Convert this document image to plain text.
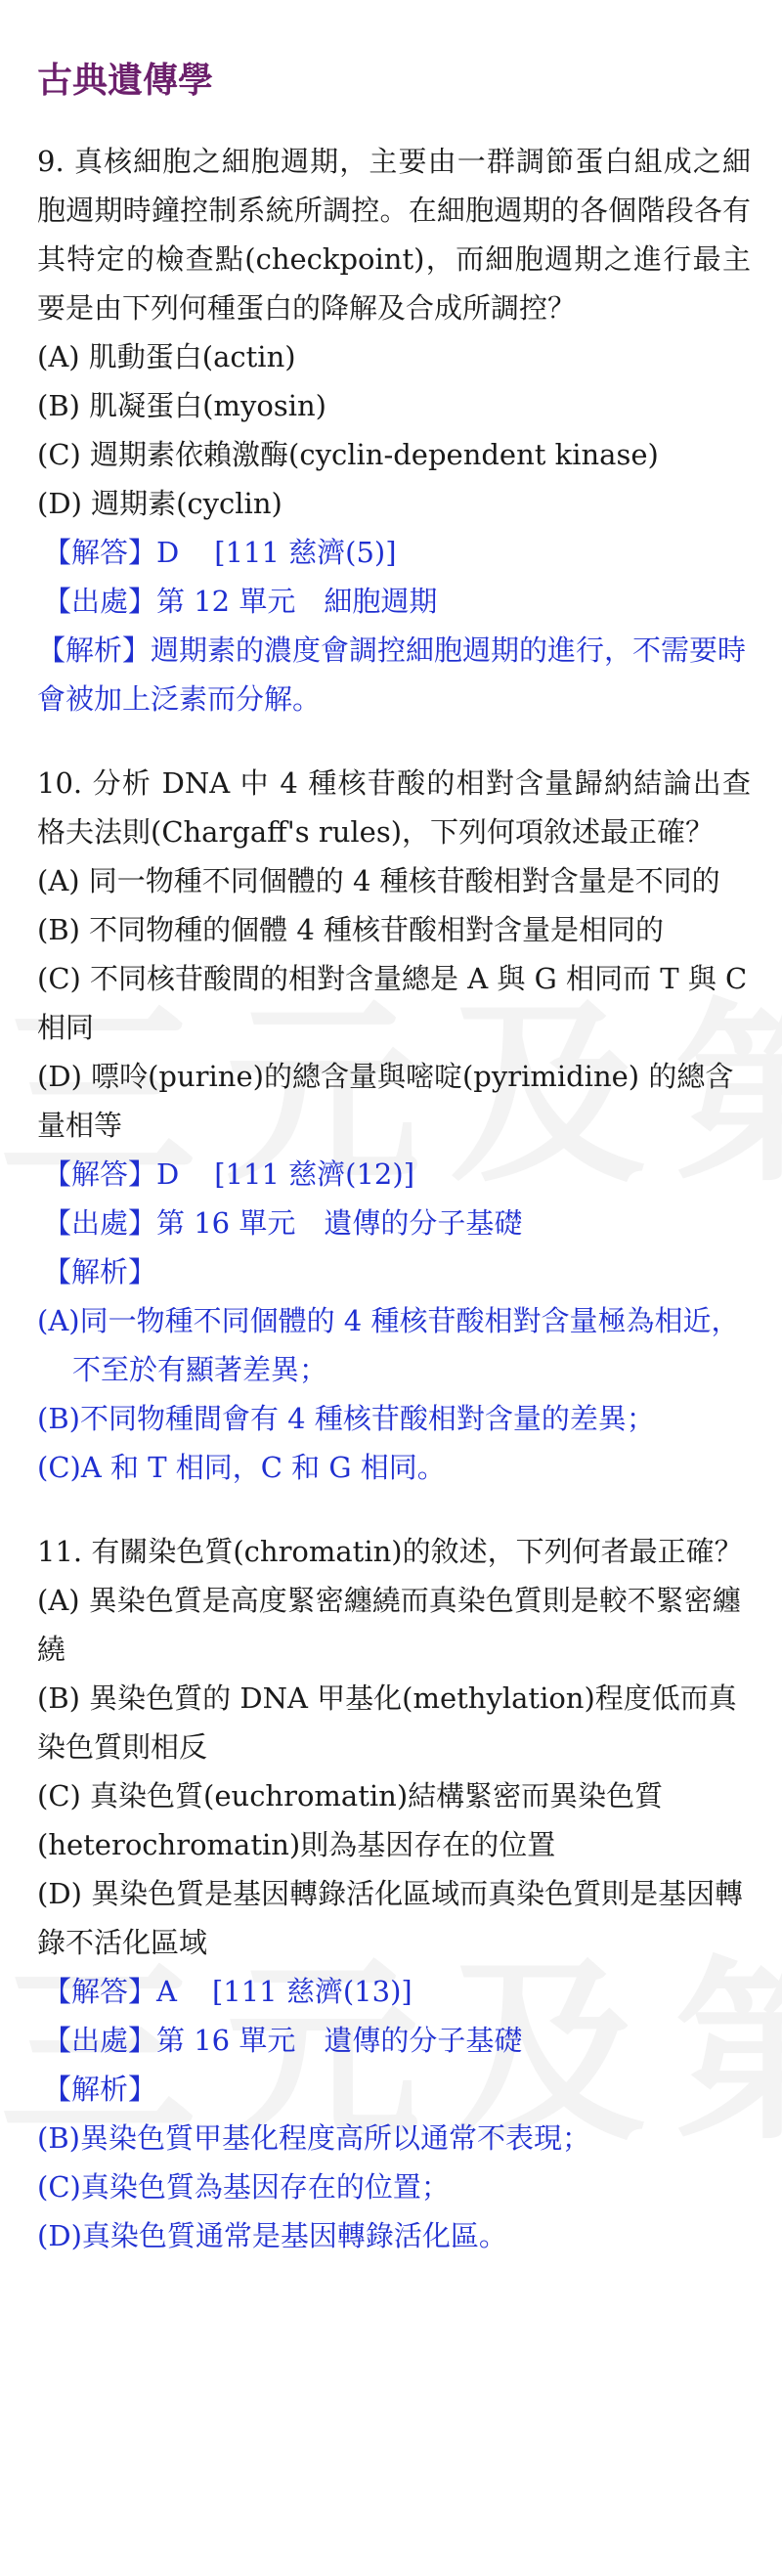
古典遺傳學

9. 真核細胞之細胞週期，主要由一群調節蛋白組成之細胞週期時鐘控制系統所調控。在細胞週期的各個階段各有其特定的檢查點(checkpoint)，而細胞週期之進行最主要是由下列何種蛋白的降解及合成所調控？

(A) 肌動蛋白(actin)

(B) 肌凝蛋白(myosin)

(C) 週期素依賴激酶(cyclin-dependent kinase)

(D) 週期素(cyclin)

【解答】D [111 慈濟(5)]

【出處】第 12 單元　細胞週期

【解析】週期素的濃度會調控細胞週期的進行，不需要時會被加上泛素而分解。

10. 分析 DNA 中 4 種核苷酸的相對含量歸納結論出查格夫法則(Chargaff's rules)，下列何項敘述最正確？

(A) 同一物種不同個體的 4 種核苷酸相對含量是不同的

(B) 不同物種的個體 4 種核苷酸相對含量是相同的

(C) 不同核苷酸間的相對含量總是 A 與 G 相同而 T 與 C 相同

(D) 嘌呤(purine)的總含量與嘧啶(pyrimidine) 的總含量相等

【解答】D [111 慈濟(12)]

【出處】第 16 單元　遺傳的分子基礎

【解析】

(A)同一物種不同個體的 4 種核苷酸相對含量極為相近，不至於有顯著差異；

(B)不同物種間會有 4 種核苷酸相對含量的差異；

(C)A 和 T 相同，C 和 G 相同。

11. 有關染色質(chromatin)的敘述，下列何者最正確？

(A) 異染色質是高度緊密纏繞而真染色質則是較不緊密纏繞

(B) 異染色質的 DNA 甲基化(methylation)程度低而真染色質則相反

(C) 真染色質(euchromatin)結構緊密而異染色質(heterochromatin)則為基因存在的位置

(D) 異染色質是基因轉錄活化區域而真染色質則是基因轉錄不活化區域

【解答】A [111 慈濟(13)]

【出處】第 16 單元　遺傳的分子基礎

【解析】

(B)異染色質甲基化程度高所以通常不表現；

(C)真染色質為基因存在的位置；

(D)真染色質通常是基因轉錄活化區。
